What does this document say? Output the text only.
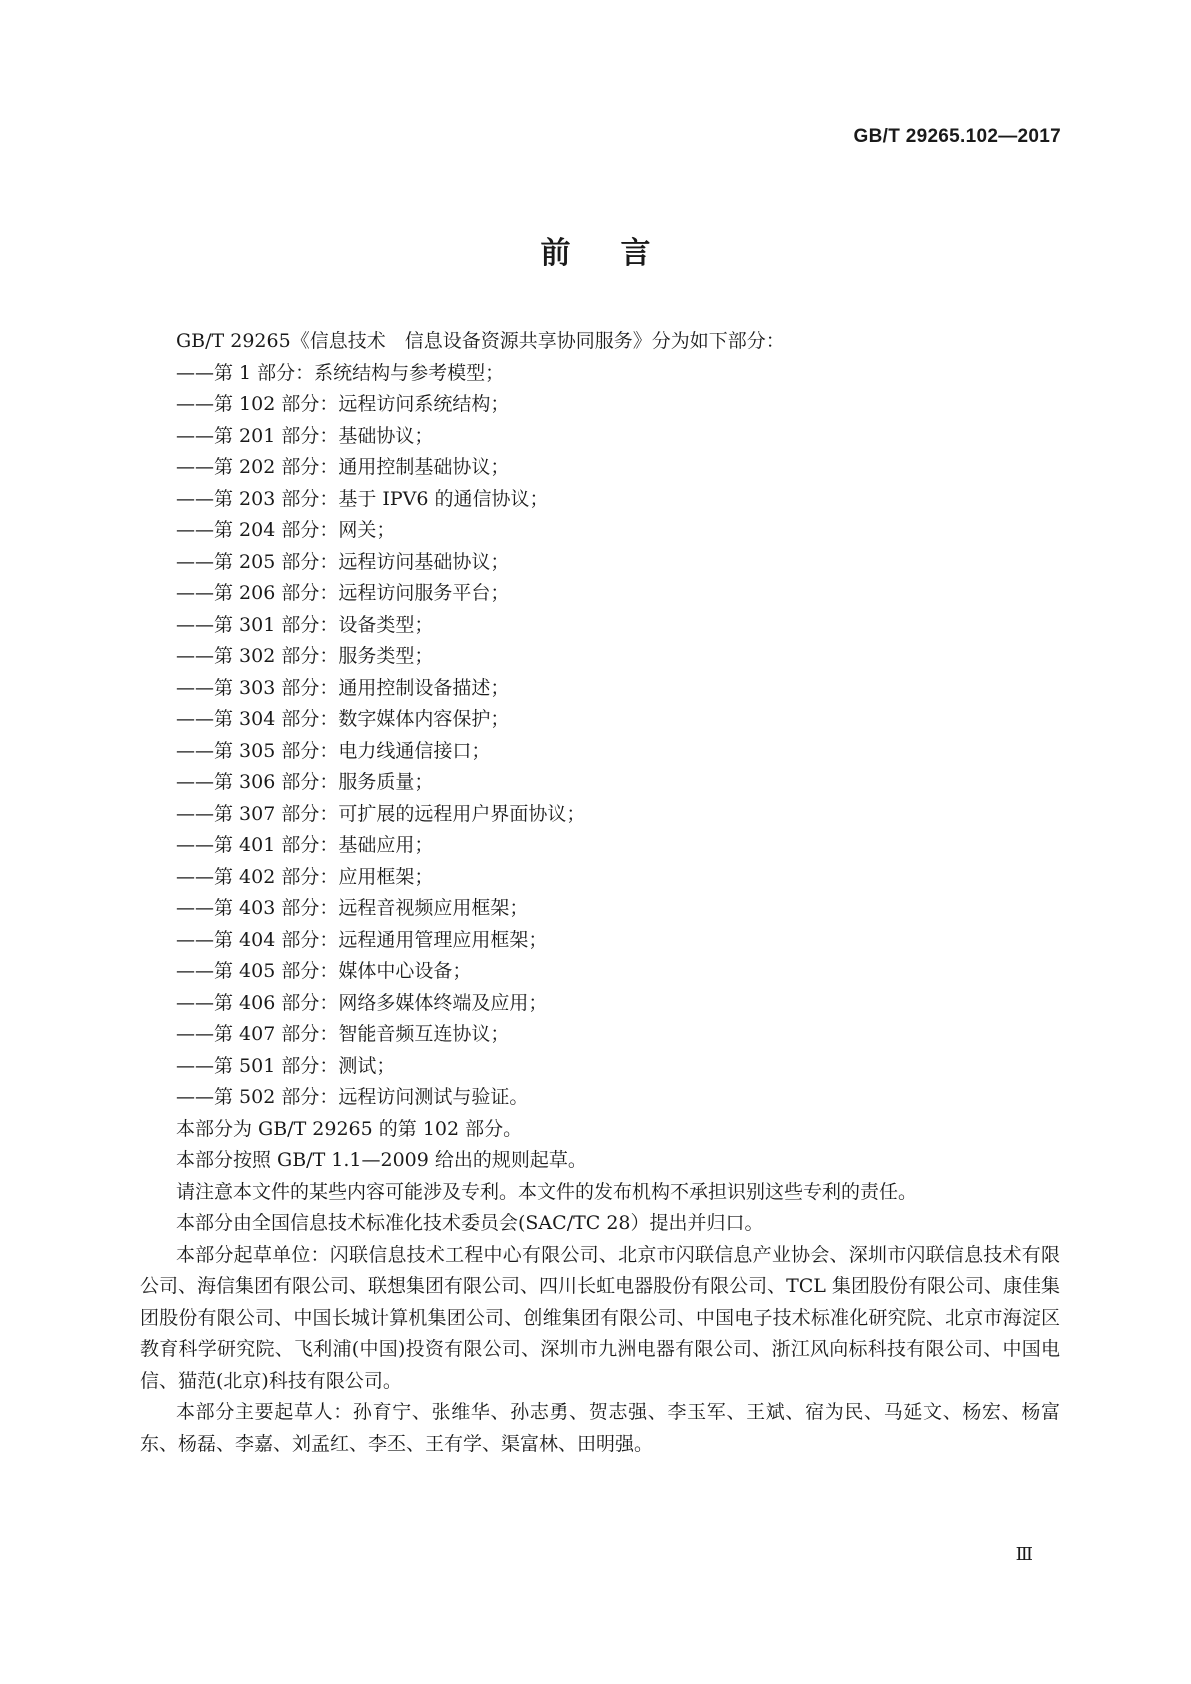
GB/T 29265.102—2017
前 言
GB/T 29265《信息技术　信息设备资源共享协同服务》分为如下部分：
——第 1 部分：系统结构与参考模型；
——第 102 部分：远程访问系统结构；
——第 201 部分：基础协议；
——第 202 部分：通用控制基础协议；
——第 203 部分：基于 IPV6 的通信协议；
——第 204 部分：网关；
——第 205 部分：远程访问基础协议；
——第 206 部分：远程访问服务平台；
——第 301 部分：设备类型；
——第 302 部分：服务类型；
——第 303 部分：通用控制设备描述；
——第 304 部分：数字媒体内容保护；
——第 305 部分：电力线通信接口；
——第 306 部分：服务质量；
——第 307 部分：可扩展的远程用户界面协议；
——第 401 部分：基础应用；
——第 402 部分：应用框架；
——第 403 部分：远程音视频应用框架；
——第 404 部分：远程通用管理应用框架；
——第 405 部分：媒体中心设备；
——第 406 部分：网络多媒体终端及应用；
——第 407 部分：智能音频互连协议；
——第 501 部分：测试；
——第 502 部分：远程访问测试与验证。
本部分为 GB/T 29265 的第 102 部分。
本部分按照 GB/T 1.1—2009 给出的规则起草。
请注意本文件的某些内容可能涉及专利。本文件的发布机构不承担识别这些专利的责任。
本部分由全国信息技术标准化技术委员会(SAC/TC 28）提出并归口。
本部分起草单位：闪联信息技术工程中心有限公司、北京市闪联信息产业协会、深圳市闪联信息技术有限公司、海信集团有限公司、联想集团有限公司、四川长虹电器股份有限公司、TCL 集团股份有限公司、康佳集团股份有限公司、中国长城计算机集团公司、创维集团有限公司、中国电子技术标准化研究院、北京市海淀区教育科学研究院、飞利浦(中国)投资有限公司、深圳市九洲电器有限公司、浙江风向标科技有限公司、中国电信、猫范(北京)科技有限公司。
本部分主要起草人：孙育宁、张维华、孙志勇、贺志强、李玉军、王斌、宿为民、马延文、杨宏、杨富东、杨磊、李嘉、刘孟红、李丕、王有学、渠富林、田明强。
Ⅲ
